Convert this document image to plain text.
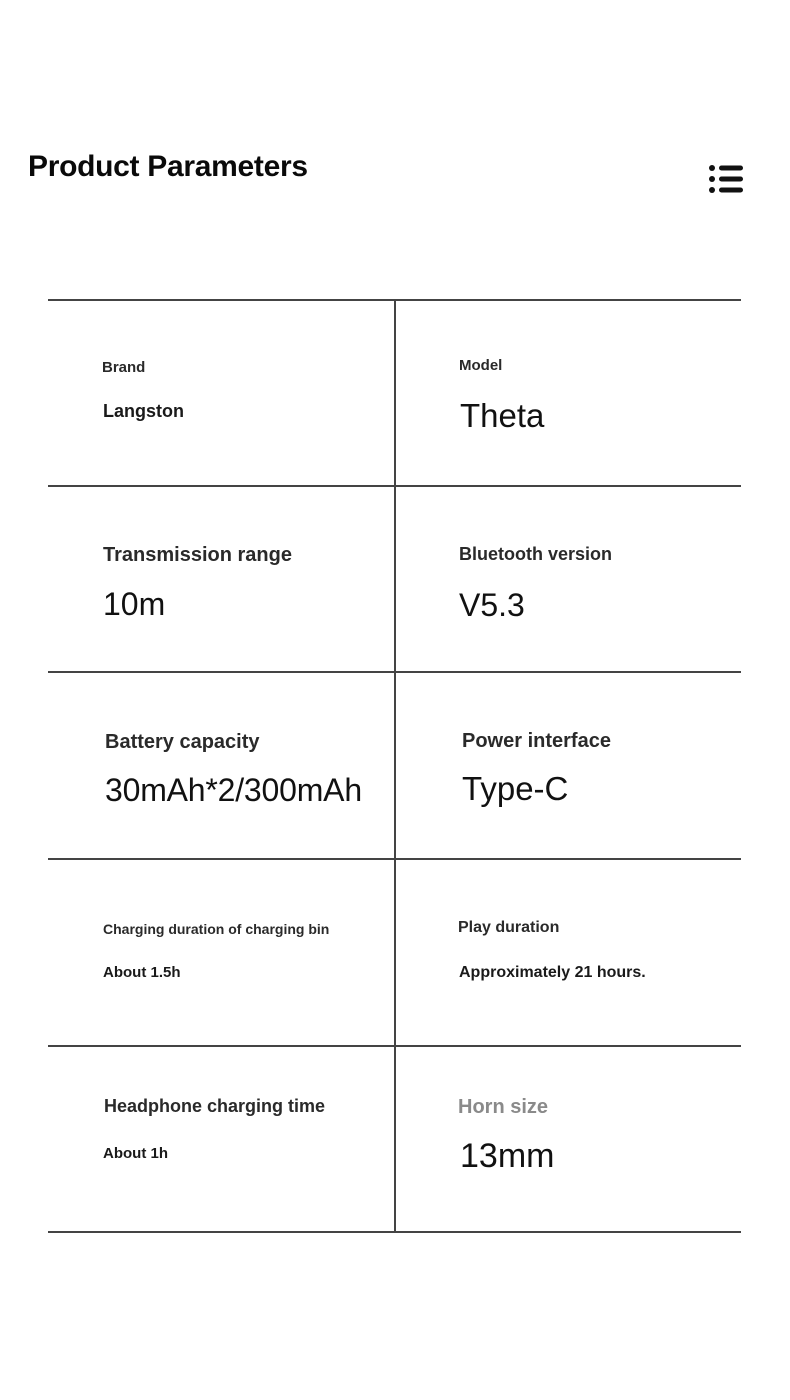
Product Parameters
Brand
Langston
Model
Theta
Transmission range
10m
Bluetooth version
V5.3
Battery capacity
30mAh*2/300mAh
Power interface
Type-C
Charging duration of charging bin
About 1.5h
Play duration
Approximately 21 hours.
Headphone charging time
About 1h
Horn size
13mm
